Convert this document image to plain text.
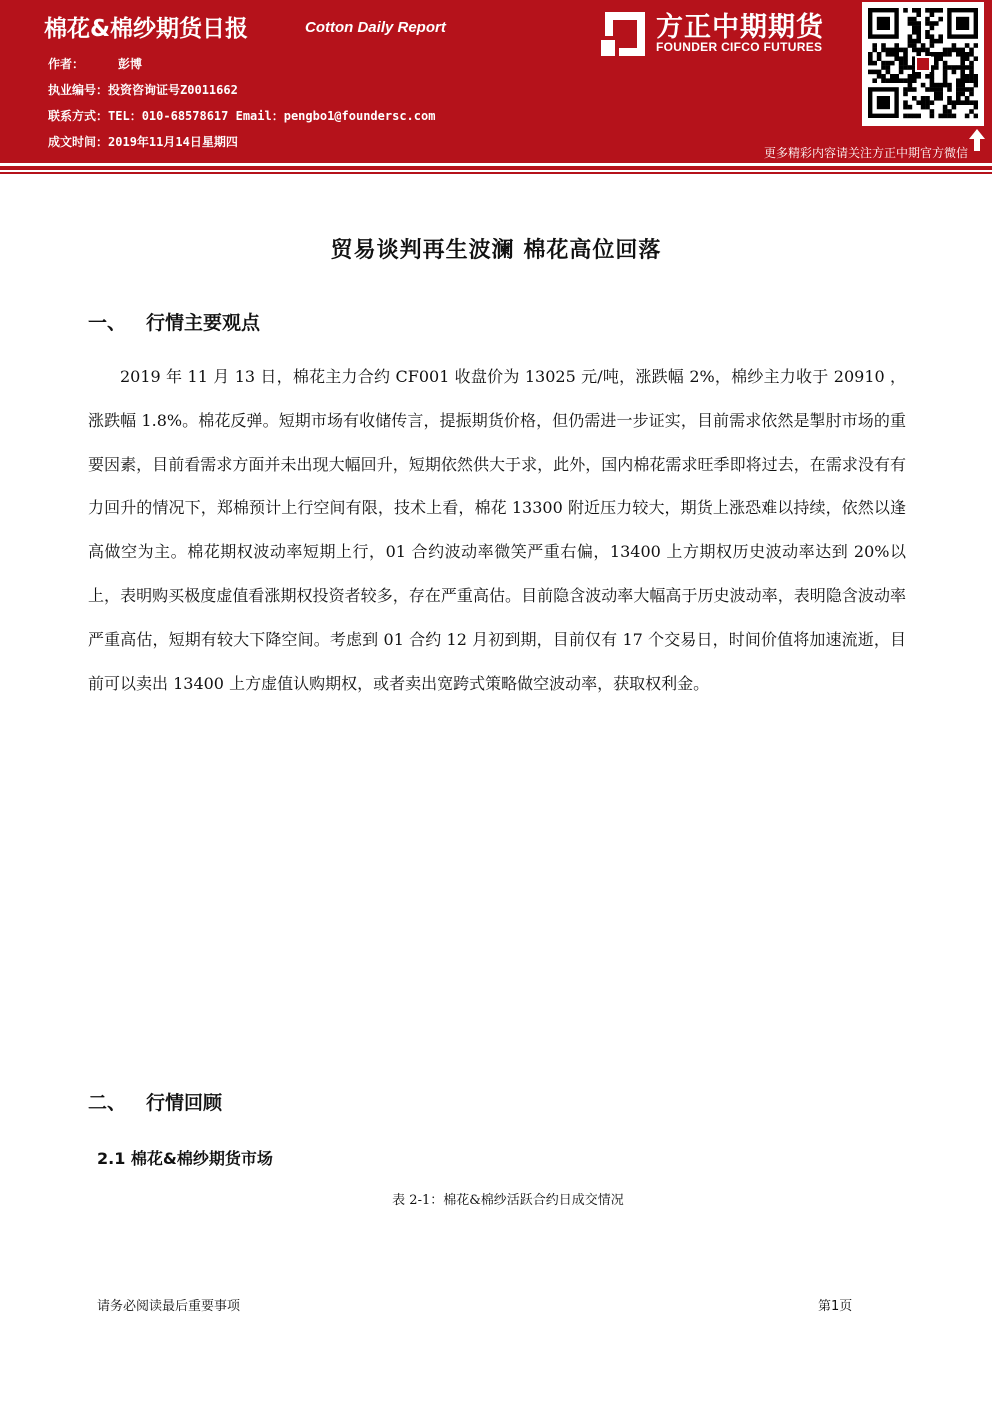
棉花&棉纱期货日报	Cotton Daily Report
作者：	彭博
执业编号：投资咨询证号Z0011662
联系方式：TEL：010-68578617 Email：pengbo1@foundersc.com
成文时间：2019年11月14日星期四
方正中期期货
FOUNDER CIFCO FUTURES
更多精彩内容请关注方正中期官方微信
贸易谈判再生波澜 棉花高位回落
一、 行情主要观点

2019 年 11 月 13 日，棉花主力合约 CF001 收盘价为 13025 元/吨，涨跌幅 2%，棉纱主力收于 20910 ，涨跌幅 1.8%。棉花反弹。短期市场有收储传言，提振期货价格，但仍需进一步证实，目前需求依然是掣肘市场的重要因素，目前看需求方面并未出现大幅回升，短期依然供大于求，此外，国内棉花需求旺季即将过去，在需求没有有力回升的情况下，郑棉预计上行空间有限，技术上看，棉花 13300 附近压力较大，期货上涨恐难以持续，依然以逢高做空为主。棉花期权波动率短期上行，01 合约波动率微笑严重右偏，13400 上方期权历史波动率达到 20%以上，表明购买极度虚值看涨期权投资者较多，存在严重高估。目前隐含波动率大幅高于历史波动率，表明隐含波动率严重高估，短期有较大下降空间。考虑到 01 合约 12 月初到期，目前仅有 17 个交易日，时间价值将加速流逝，目前可以卖出 13400 上方虚值认购期权，或者卖出宽跨式策略做空波动率，获取权利金。

二、 行情回顾
2.1 棉花&棉纱期货市场
表 2-1：棉花&棉纱活跃合约日成交情况
请务必阅读最后重要事项	第1页
